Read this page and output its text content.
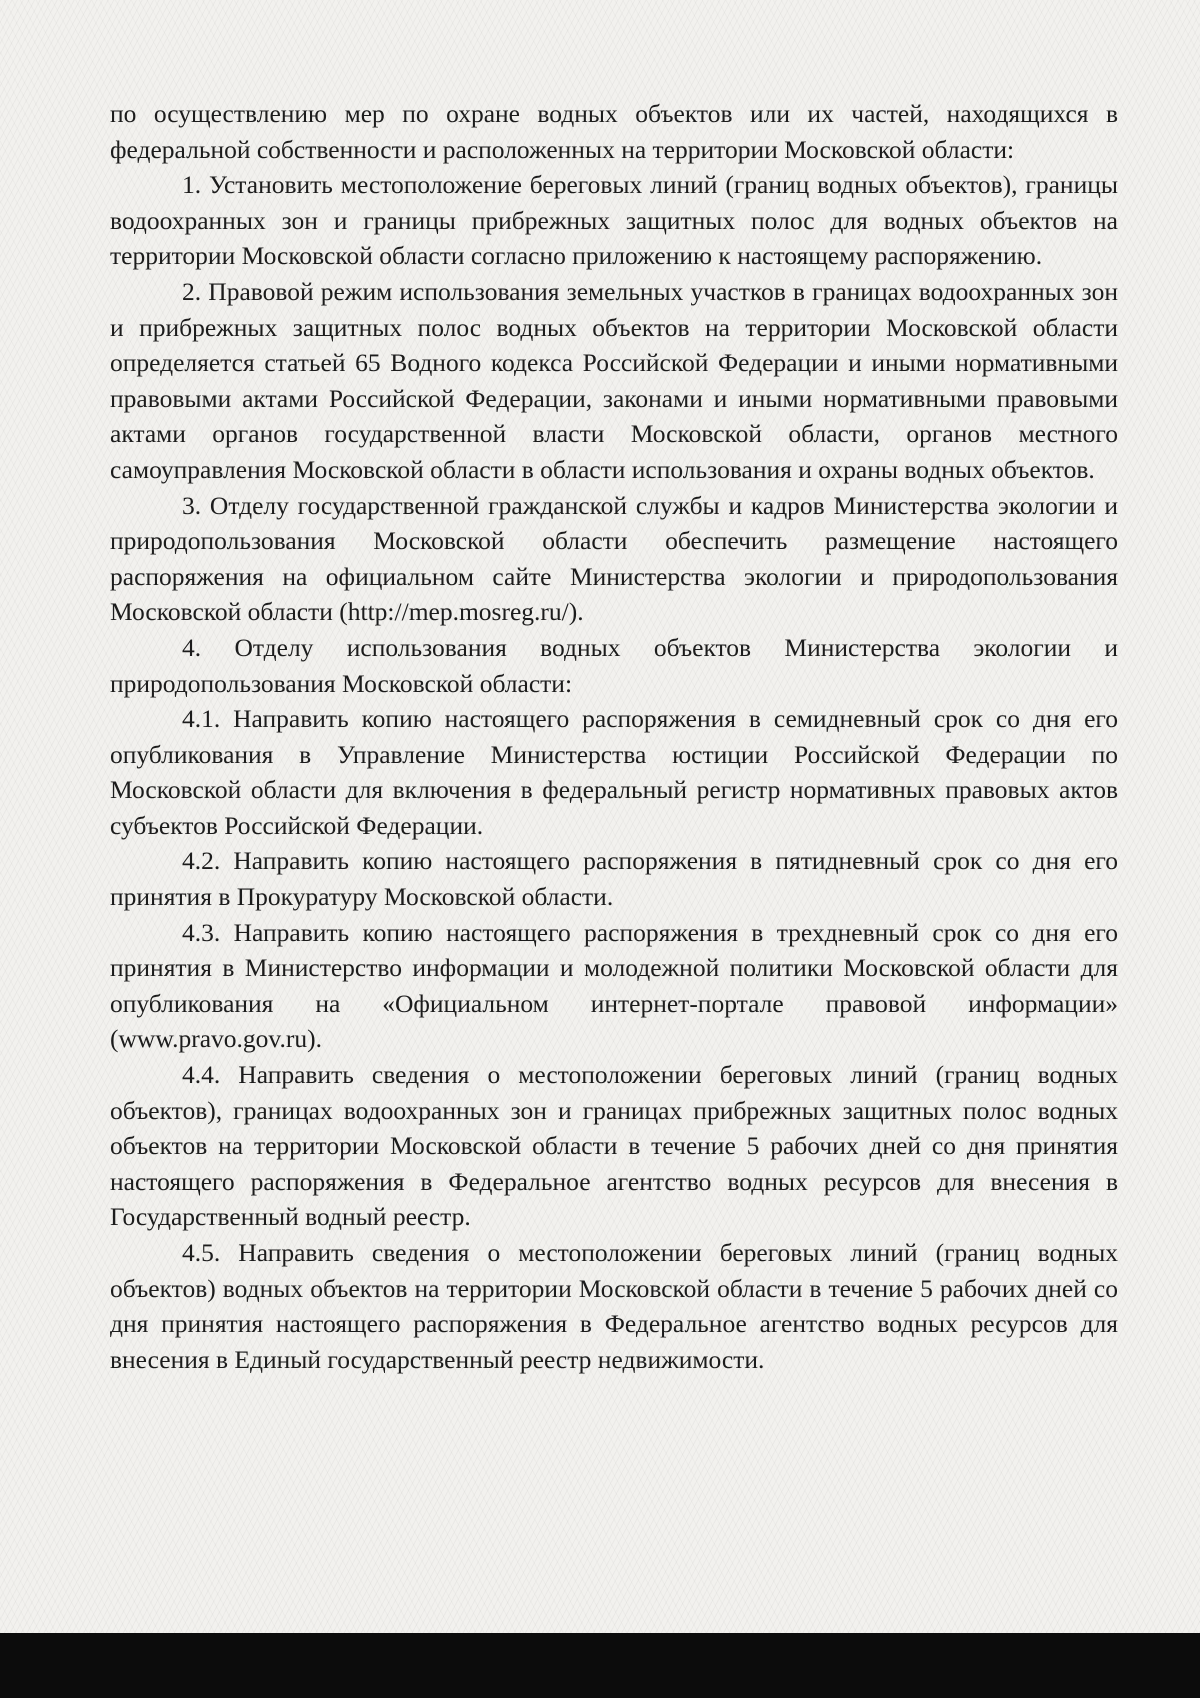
по осуществлению мер по охране водных объектов или их частей, находящихся в федеральной собственности и расположенных на территории Московской области:

1. Установить местоположение береговых линий (границ водных объектов), границы водоохранных зон и границы прибрежных защитных полос для водных объектов на территории Московской области согласно приложению к настоящему распоряжению.

2. Правовой режим использования земельных участков в границах водоохранных зон и прибрежных защитных полос водных объектов на территории Московской области определяется статьей 65 Водного кодекса Российской Федерации и иными нормативными правовыми актами Российской Федерации, законами и иными нормативными правовыми актами органов государственной власти Московской области, органов местного самоуправления Московской области в области использования и охраны водных объектов.

3. Отделу государственной гражданской службы и кадров Министерства экологии и природопользования Московской области обеспечить размещение настоящего распоряжения на официальном сайте Министерства экологии и природопользования Московской области (http://mep.mosreg.ru/).

4. Отделу использования водных объектов Министерства экологии и природопользования Московской области:

4.1. Направить копию настоящего распоряжения в семидневный срок со дня его опубликования в Управление Министерства юстиции Российской Федерации по Московской области для включения в федеральный регистр нормативных правовых актов субъектов Российской Федерации.

4.2. Направить копию настоящего распоряжения в пятидневный срок со дня его принятия в Прокуратуру Московской области.

4.3. Направить копию настоящего распоряжения в трехдневный срок со дня его принятия в Министерство информации и молодежной политики Московской области для опубликования на «Официальном интернет-портале правовой информации» (www.pravo.gov.ru).

4.4. Направить сведения о местоположении береговых линий (границ водных объектов), границах водоохранных зон и границах прибрежных защитных полос водных объектов на территории Московской области в течение 5 рабочих дней со дня принятия настоящего распоряжения в Федеральное агентство водных ресурсов для внесения в Государственный водный реестр.

4.5. Направить сведения о местоположении береговых линий (границ водных объектов) водных объектов на территории Московской области в течение 5 рабочих дней со дня принятия настоящего распоряжения в Федеральное агентство водных ресурсов для внесения в Единый государственный реестр недвижимости.
